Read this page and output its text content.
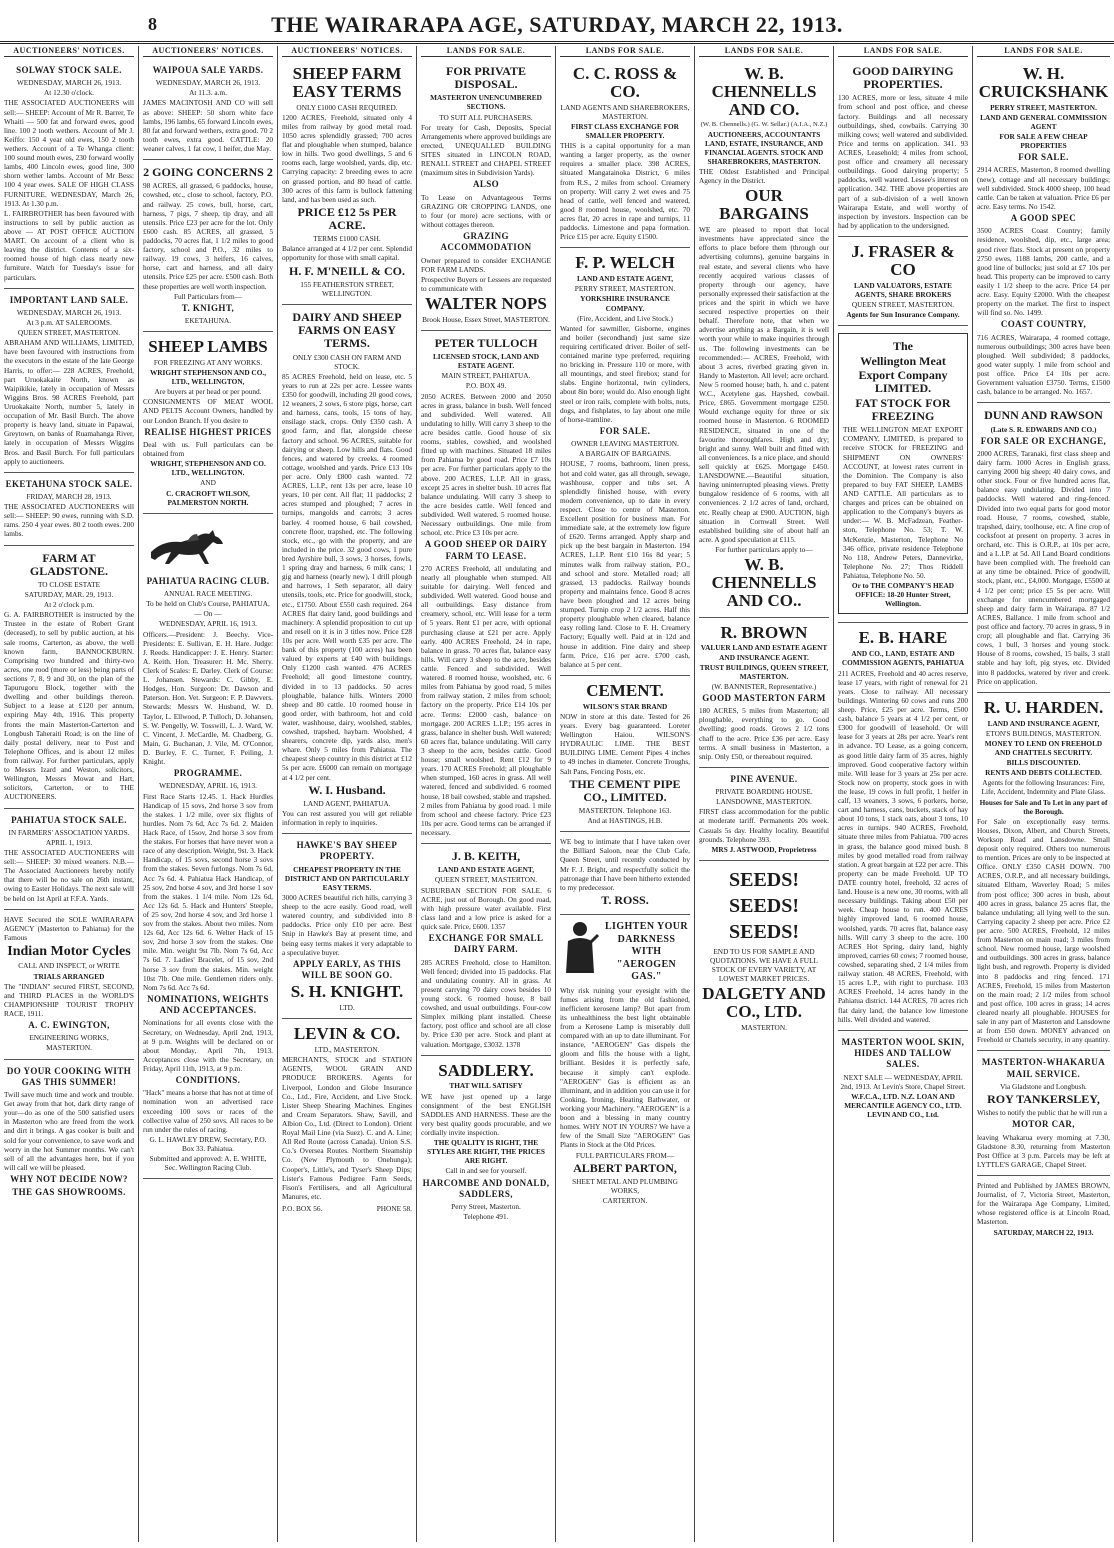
8	THE WAIRARAPA AGE, SATURDAY, MARCH 22, 1913.
AUCTIONEERS' NOTICES.
SOLWAY STOCK SALE.
WEDNESDAY, MARCH 26, 1913.
At 12.30 o'clock.
THE ASSOCIATED AUCTIONEERS will sell:— SHEEP: Account of Mr R. Barrer, Te Whaiti — 500 fat and forward ewes, good line. 100 2 tooth wethers. Account of Mr J. Keiffo: 150 4 year old ewes, 150 2 tooth wethers. Account of a Te Whanga client: 100 sound mouth ewes, 230 forward woolly lambs, 400 Lincoln ewes, good line, 300 shorn wether lambs. Account of Mr Bess: 100 4 year ewes. SALE OF HIGH CLASS FURNITURE. WEDNESDAY, March 26, 1913. At 1.30 p.m.
L. FAIRBROTHER has been favoured with instructions to sell by public auction as above — AT POST OFFICE AUCTION MART. On account of a client who is leaving the district. Contents of a six-roomed house of high class nearly new furniture. Watch for Tuesday's issue for particulars.
IMPORTANT LAND SALE.
WEDNESDAY, MARCH 26, 1913.
At 3 p.m. AT SALEROOMS.
QUEEN STREET, MASTERTON.
ABRAHAM AND WILLIAMS, LIMITED, have been favoured with instructions from the executors in the estate of the late George Harris, to offer:— 228 ACRES, Freehold, part Uruokakaite North, known as Waipikikie, lately in occupation of Messrs Wiggins Bros. 98 ACRES Freehold, part Uruokakaite North, number 5, lately in occupation of Mr. Basil Burch. The above property is heavy land, situate in Papawai, Greytown, on banks of Ruamahanga River, lately in occupation of Messrs Wiggins Bros. and Basil Burch. For full particulars apply to auctioneers.
EKETAHUNA STOCK SALE.
FRIDAY, MARCH 28, 1913.
THE ASSOCIATED AUCTIONEERS will sell:— SHEEP: 90 ewes, running with S.D. rams. 250 4 year ewes. 80 2 tooth ewes. 200 lambs.
FARM AT GLADSTONE.
TO CLOSE ESTATE
SATURDAY, MAR. 29, 1913.
At 2 o'clock p.m.
G. A. FAIRBROTHER is instructed by the Trustee in the estate of Robert Grant (deceased), to sell by public auction, at his sale rooms, Carterton, as above, the well known farm, BANNOCKBURN. Comprising two hundred and thirty-two acres, one rood (more or less) being parts of sections 7, 8, 9 and 30, on the plan of the Tapurugoru Block, together with the dwelling and other buildings thereon. Subject to a lease at £120 per annum, expiring May 4th, 1916. This property fronts the main Masterton-Carterton and Longbush Taheraiti Road; is on the line of daily postal delivery, near to Post and Telephone Offices, and is about 12 miles from railway. For further particulars, apply to Messrs Izard and Weston, solicitors, Wellington, Messrs Mowat and Hart, solicitors, Carterton, or to THE AUCTIONEERS.
PAHIATUA STOCK SALE.
IN FARMERS' ASSOCIATION YARDS.
APRIL 1, 1913.
THE ASSOCIATED AUCTIONEERS will sell:— SHEEP: 30 mixed weaners. N.B.— The Associated Auctioneers hereby notify that there will be no sale on 26th instant, owing to Easter Holidays. The next sale will be held on 1st April at F.F.A. Yards.
HAVE Secured the SOLE WAIRARAPA AGENCY (Masterton to Pahiatua) for the Famous
Indian Motor Cycles
CALL AND INSPECT, or WRITE
TRIALS ARRANGED
The "INDIAN" secured FIRST, SECOND, and THIRD PLACES in the WORLD'S CHAMPIONSHIP TOURIST TROPHY RACE, 1911.
A. C. EWINGTON,
ENGINEERING WORKS,
MASTERTON.
DO YOUR COOKING WITH GAS THIS SUMMER!
Twill save much time and work and trouble. Get away from that hot, dark dirty range of your—do as one of the 500 satisfied users in Masterton who are freed from the work and dirt it brings. A gas cooker is built and sold for your convenience, to save work and worry in the hot Summer months. We can't sell of all the advantages here, but if you will call we will be pleased.
WHY NOT DECIDE NOW?
THE GAS SHOWROOMS.
AUCTIONEERS' NOTICES.
WAIPOUA SALE YARDS.
WEDNESDAY, MARCH 26, 1913.
At 11.3. a.m.
JAMES MACINTOSH AND CO will sell as above: SHEEP: 50 shorn white face lambs, 196 lambs, 65 forward Lincoln ewes, 80 fat and forward wethers, extra good. 70 2 tooth ewes, extra good. CATTLE: 20 weaner calves, 1 fat cow, 1 heifer, due May.
2 GOING CONCERNS 2
98 ACRES, all grassed, 6 paddocks, house, cowshed, etc., close to school, factory, P.O. and railway. 25 cows, bull, horse, cart, harness, 7 pigs, 7 sheep, tip dray, and all utensils. Price £23 per acre for the lot. Only £600 cash. 85 ACRES, all grassed, 5 paddocks, 70 acres flat, 1 1/2 miles to good factory, school and P.O., 32 miles to railway. 19 cows, 3 heifers, 16 calves, horse, cart and harness, and all dairy utensils. Price £25 per acre. £500 cash. Both these properties are well worth inspection.
Full Particulars from—
T. KNIGHT,
EKETAHUNA.
SHEEP LAMBS
FOR FREEZING AT ANY WORKS.
WRIGHT STEPHENSON AND CO., LTD., WELLINGTON,
Are buyers at per head or per pound.
CONSIGNMENTS OF MEAT WOOL AND PELTS Account Owners, handled by our London Branch. If you desire to
REALISE HIGHEST PRICES
Deal with us. Full particulars can be obtained from
WRIGHT, STEPHENSON AND CO. LTD., WELLINGTON.
AND
C. CRACROFT WILSON, PALMERSTON NORTH.
PAHIATUA RACING CLUB.
ANNUAL RACE MEETING.
To be held on Club's Course, PAHIATUA,
— On —
WEDNESDAY, APRIL 16, 1913.
Officers.—President: J. Beechy. Vice-Presidents: E. Sullivan, E. H. Hare. Judge: J. Reeds. Handicapper: J. E. Henry. Starter: A. Keith. Hon. Treasurer: H. Mc. Sherry. Clerk of Scales: E. Darley. Clerk of Course: L. Johansen. Stewards: C. Gibby, E. Hodges, Hon. Surgeon: Dr. Dawson and Paterson. Hon. Vet. Surgeon: F. P. Dawvers. Stewards: Messrs W. Husband, W. D. Taylor, L. Ellwood, P. Tulloch, D. Johansen, S. W. Pengelly, W. Tosswill, L. J. Ward, W. C. Vincent, J. McCardle, M. Chadberg, G. Main, G. Buchanan, J. Vile, M. O'Connor, D. Burley, F. C. Turner, F. Peiling, J. Knight.
PROGRAMME.
WEDNESDAY, APRIL 16, 1913.
First Race Starts 12.45. 1. Hack Hurdles Handicap of 15 sovs, 2nd horse 3 sov from the stakes. 1 1/2 mile, over six flights of hurdles. Nom 7s 6d, Acc 7s 6d. 2. Maiden Hack Race, of 15sov, 2nd horse 3 sov from the stakes. For horses that have never won a race of any description. Weight, 9st. 3. Hack Handicap, of 15 sovs, second horse 3 sovs from the stakes. Seven furlongs. Nom 7s 6d, Acc 7s 6d. 4. Pahiatua Hack Handicap, of 25 sov, 2nd horse 4 sov, and 3rd horse 1 sov from the stakes. 1 1/4 mile. Nom 12s 6d, Acc 12s 6d. 5. Hack and Hunters' Steeple, of 25 sov, 2nd horse 4 sov, and 3rd horse 1 sov from the stakes. About two miles. Nom 12s 6d, Acc 12s 6d. 6. Welter Hack of 15 sov, 2nd horse 3 sov from the stakes. One mile. Min. weight 9st 7lb. Nom 7s 6d, Acc 7s 6d. 7. Ladies' Bracelet, of 15 sov, 2nd horse 3 sov from the stakes. Min. weight 10st 7lb. One mile. Gentlemen riders only. Nom 7s 6d. Acc 7s 6d.
NOMINATIONS, WEIGHTS AND ACCEPTANCES.
Nominations for all events close with the Secretary, on Wednesday, April 2nd, 1913, at 9 p.m. Weights will be declared on or about Monday, April 7th, 1913. Acceptances close with the Secretary, on Friday, April 11th, 1913, at 9 p.m.
CONDITIONS.
"Hack" means a horse that has not at time of nomination won an advertised race exceeding 100 sovs or races of the collective value of 250 sovs. All races to be run under the rules of racing.
G. L. HAWLEY DREW, Secretary, P.O. Box 33. Pahiatua.
Submitted and approved: A. E. WHITE, Sec. Wellington Racing Club.
AUCTIONEERS' NOTICES.
SHEEP FARM EASY TERMS
ONLY £1000 CASH REQUIRED.
1200 ACRES, Freehold, situated only 4 miles from railway by good metal road. 1050 acres splendidly grassed; 700 acres flat and ploughable when stumped, balance low in hills. Two good dwellings, 5 and 6 rooms each, large woolshed, yards, dip, etc. Carrying capacity: 2 breeding ewes to acre on grassed portion, and 80 head of cattle. 300 acres of this farm is bullock fattening land, and has been used as such.
PRICE £12 5s PER ACRE.
TERMS £1000 CASH.
Balance arranged at 4 1/2 per cent. Splendid opportunity for those with small capital.
H. F. M'NEILL & CO.
155 FEATHERSTON STREET, WELLINGTON.
DAIRY AND SHEEP FARMS ON EASY TERMS.
ONLY £300 CASH ON FARM AND STOCK.
85 ACRES Freehold, held on lease, etc. 5 years to run at 22s per acre. Lessee wants £350 for goodwill, including 20 good cows, 12 weaners, 2 sows, 6 store pigs, horse, cart and harness, cans, tools, 15 tons of hay, ensilage stack, crops. Only £350 cash. A good farm, and flat, alongside cheese factory and school. 96 ACRES, suitable for dairying or sheep. Low hills and flats. Good fences, and watered by creeks. 4 roomed cottage, woolshed and yards. Price £13 10s per acre. Only £800 cash wanted. 72 ACRES, L.I.P., rent 13s per acre, lease 10 years, 10 per cent. All flat; 11 paddocks; 2 acres stumped and ploughed; 7 acres in turnips, mangolds and carrots; 3 acres barley. 4 roomed house, 6 bail cowshed, concrete floor, trapshed, etc. The following stock, etc., go with the property, and are included in the price. 32 good cows, 1 pure bred Ayrshire bull, 3 sows, 3 horses, fowls, 1 spring dray and harness, 6 milk cans; 1 gig and harness (nearly new), 1 drill plough and harrows, 1 Seth separator, all dairy utensils, tools, etc. Price for goodwill, stock, etc., £1750. About £550 cash required. 264 ACRES flat dairy land, good buildings and machinery. A splendid proposition to cut up and resell on it is in 3 titles now. Price £28 10s per acre. Well worth £35 per acre. The bank of this property (100 acres) has been valued by experts at £40 with buildings. Only £1200 cash wanted. 476 ACRES Freehold; all good limestone country, divided in to 13 paddocks. 50 acres ploughable, balance hills. Winters 2000 sheep and 80 cattle. 10 roomed house in good order, with bathroom, hot and cold water, washhouse, dairy, woolshed, stables, cowshed, trapshed, haybarn. Woolshed, 4 shearers, concrete dip, yards also, men's whare. Only 5 miles from Pahiatua. The cheapest sheep country in this district at £12 5s per acre. £6000 can remain on mortgage at 4 1/2 per cent.
W. I. Husband.
LAND AGENT, PAHIATUA.
You can rest assured you will get reliable information in reply to inquiries.
HAWKE'S BAY SHEEP PROPERTY.
CHEAPEST PROPERTY IN THE DISTRICT AND ON PARTICULARLY EASY TERMS.
3000 ACRES beautiful rich hills, carrying 3 sheep to the acre easily. Good road, well watered country, and subdivided into 8 paddocks. Price only £10 per acre. Best Snip in Hawke's Bay at present time, and being easy terms makes it very adaptable to a speculative buyer.
APPLY EARLY, AS THIS WILL BE SOON GO.
S. H. KNIGHT.
LTD.
LEVIN & CO.
LTD., MASTERTON.
MERCHANTS, STOCK and STATION AGENTS, WOOL GRAIN AND PRODUCE BROKERS. Agents for Liverpool, London and Globe Insurance Co., Ltd., Fire, Accident, and Live Stock. Lister Sheep Shearing Machines. Engines and Cream Separators. Shaw, Savill, and Albion Co., Ltd. (Direct to London). Orient Royal Mail Line (via Suez). C. and A. Line; All Red Route (across Canada). Union S.S. Co.'s Oversea Routes. Northern Steamship Co. (New Plymouth to Onehunga); Cooper's, Little's, and Tyser's Sheep Dips; Lister's Famous Pedigree Farm Seeds, Fison's Fertilisers, and all Agricultural Manures, etc.
P.O. BOX 56.	PHONE 58.
LANDS FOR SALE.
FOR PRIVATE DISPOSAL.
MASTERTON UNENCUMBERED SECTIONS.
TO SUIT ALL PURCHASERS.
For treaty for Cash, Deposits, Special Arrangements where approved buildings are erected, UNEQUALLED BUILDING SITES situated in LINCOLN ROAD, RENALL STREET and CHAPEL STREET (maximum sites in Subdivision Yards).
ALSO
To Lease on Advantageous Terms GRAZING OR CROPPING LANDS, one to four (or more) acre sections, with or without cottages thereon.
GRAZING ACCOMMODATION
Owner prepared to consider EXCHANGE FOR FARM LANDS.
Prospective Buyers or Lessees are requested to communicate with
WALTER NOPS
Brook House, Essex Street, MASTERTON.
PETER TULLOCH
LICENSED STOCK, LAND AND ESTATE AGENT.
MAIN STREET, PAHIATUA.
P.O. BOX 49.
2050 ACRES. Between 2000 and 2050 acres in grass, balance in bush. Well fenced and subdivided. Well watered. All undulating to hilly. Will carry 3 sheep to the acre besides cattle. Good house of six rooms, stables, cowshed, and woolshed fitted up with machines. Situated 18 miles from Pahiatua by good road. Price £7 10s per acre. For further particulars apply to the above. 200 ACRES, L.I.P. All in grass, except 25 acres in shelter bush. 10 acres flat balance undulating. Will carry 3 sheep to the acre besides cattle. Well fenced and subdivided. Well watered. 5 roomed house. Necessary outbuildings. One mile from school, etc. Price £3 10s per acre.
A GOOD SHEEP OR DAIRY FARM TO LEASE.
270 ACRES Freehold, all undulating and nearly all ploughable when stumped. All suitable for dairying. Well fenced and subdivided. Well watered. Good house and all outbuildings. Easy distance from creamery, school, etc. Will lease for a term of 5 years. Rent £1 per acre, with optional purchasing clause at £21 per acre. Apply early. 400 ACRES Freehold, 24 in rape, balance in grass. 70 acres flat, balance easy hills. Will carry 3 sheep to the acre, besides cattle. Fenced and subdivided. Well watered. 8 roomed house, woolshed, etc. 6 miles from Pahiatua by good road, 5 miles from railway station, 2 miles from school; factory on the property. Price £14 10s per acre. Terms: £2000 cash, balance on mortgage. 200 ACRES L.I.P.; 195 acres in grass, balance in shelter bush. Well watered; 60 acres flat, balance undulating. Will carry 3 sheep to the acre, besides cattle. Good house; small woolshed. Rent £12 for 9 years. 170 ACRES Freehold; all ploughable when stumped, 160 acres in grass. All well watered, fenced and subdivided. 6 roomed house, 18 bail cowshed, stable and trapshed. 2 miles from Pahiatua by good road. 1 mile from school and cheese factory. Price £23 10s per acre. Good terms can be arranged if necessary.
J. B. KEITH,
LAND AND ESTATE AGENT,
QUEEN STREET, MASTERTON.
SUBURBAN SECTION FOR SALE. 6 ACRE, just out of Borough. On good road, with high pressure water available. First class land and a low price is asked for a quick sale. Price, £600. 1357
EXCHANGE FOR SMALL DAIRY FARM.
285 ACRES Freehold, close to Hamilton. Well fenced; divided into 15 paddocks. Flat and undulating country. All in grass. At present carrying 70 dairy cows besides 10 young stock. 6 roomed house, 8 bail cowshed, and usual outbuildings. Four-cow Simplex milking plant installed. Cheese factory, post office and school are all close by. Price £30 per acre. Stock and plant at valuation. Mortgage, £3032. 1378
SADDLERY.
THAT WILL SATISFY
WE have just opened up a large consignment of the best ENGLISH SADDLES AND HARNESS. These are the very best quality goods procurable, and we cordially invite inspection.
THE QUALITY IS RIGHT, THE STYLES ARE RIGHT, THE PRICES ARE RIGHT.
Call in and see for yourself.
HARCOMBE AND DONALD, SADDLERS,
Perry Street, Masterton.
Telephone 491.
LANDS FOR SALE.
C. C. ROSS & CO.
LAND AGENTS AND SHAREBROKERS, MASTERTON.
FIRST CLASS EXCHANGE FOR SMALLER PROPERTY.
THIS is a capital opportunity for a man wanting a larger property, as the owner requires a smaller place. 398 ACRES, situated Mangatainoka District, 6 miles from R.S., 2 miles from school. Creamery on property. Will carry 2 wet ewes and 75 head of cattle, well fenced and watered, good 8 roomed house, woolshed, etc. 70 acres flat, 20 acres in rape and turnips, 11 paddocks. Limestone and papa formation. Price £15 per acre. Equity £1500.
F. P. WELCH
LAND AND ESTATE AGENT,
PERRY STREET, MASTERTON.
YORKSHIRE INSURANCE COMPANY.
(Fire, Accident, and Live Stock.)
Wanted for sawmiller, Gisborne, engines and boiler (secondhand) just same size requiring certificated driver. Boiler of self-contained marine type preferred, requiring no bricking in. Pressure 110 or more, with all mountings, and steel firebox; stand for slabs. Engine horizontal, twin cylinders, about 8in bore; would do. Also enough light steel or iron rails, complete with bolts, nuts, dogs, and fishplates, to lay about one mile of horse-tramline.
FOR SALE.
OWNER LEAVING MASTERTON.
A BARGAIN OF BARGAINS.
HOUSE, 7 rooms, bathroom, linen press, hot and cold water, gas all through, sewage, washhouse, copper and tubs set. A splendidly finished house, with every modern convenience, up to date in every respect. Close to centre of Masterton. Excellent position for business man. For immediate sale, at the extremely low figure of £620. Terms arranged. Apply sharp and pick up the best bargain in Masterton. 194 ACRES, L.I.P. Rent £10 16s 8d year; 5 minutes walk from railway station, P.O., and school and store. Metalled road; all grassed, 13 paddocks. Railway bounds property and maintains fence. Good 8 acres have been ploughed and 12 acres being stumped. Turnip crop 2 1/2 acres. Half this property ploughable when cleared, balance easy rolling land. Close to F. H. Creamery Factory; Equally well. Paid at in 12d and house in addition. Fine dairy and sheep farm. Price, £16 per acre. £700 cash, balance at 5 per cent.
CEMENT.
WILSON'S STAR BRAND
NOW in store at this date. Tested for 26 years. Every bag guaranteed. Loreter Wellington Haiou. WILSON'S HYDRAULIC LIME. THE BEST BUILDING LIME. Cement Pipes 4 inches to 49 inches in diameter. Concrete Troughs, Salt Pans, Fencing Posts, etc.
THE CEMENT PIPE CO., LIMITED.
MASTERTON. Telephone 163.
And at HASTINGS, H.B.
WE beg to intimate that I have taken over the Billiard Saloon, near the Club Cafe, Queen Street, until recently conducted by Mr F. J. Bright, and respectfully solicit the patronage that I have been hitherto extended to my predecessor.
T. ROSS.
LIGHTEN YOUR DARKNESS WITH "AEROGEN GAS."
Why risk ruining your eyesight with the fumes arising from the old fashioned, inefficient kerosene lamp? But apart from its unhealthiness the best light obtainable from a Kerosene Lamp is miserably dull compared with an up to date illuminant. For instance, "AEROGEN" Gas dispels the gloom and fills the house with a light, brilliant. Besides it is perfectly safe, because it simply can't explode. "AEROGEN" Gas is efficient as an illuminant, and in addition you can use it for Cooking, Ironing, Heating Bathwater, or working your Machinery. "AEROGEN" is a boon and a blessing in many country homes. WHY NOT IN YOURS? We have a few of the Small Size "AEROGEN" Gas Plants in Stock at the Old Prices.
FULL PARTICULARS FROM—
ALBERT PARTON,
SHEET METAL AND PLUMBING WORKS,
CARTERTON.
LANDS FOR SALE.
W. B. CHENNELLS AND CO.
(W. B. Chennells.) (G. W. Sellar.) (A.I.A., N.Z.)
AUCTIONEERS, ACCOUNTANTS LAND, ESTATE, INSURANCE, AND FINANCIAL AGENTS. STOCK AND SHAREBROKERS, MASTERTON.
THE Oldest Established and Principal Agency in the District.
OUR BARGAINS
WE are pleased to report that local investments have appreciated since the efforts to place before them (through our advertising columns), genuine bargains in real estate, and several clients who have recently acquired various classes of property through our agency, have personally expressed their satisfaction at the prices and the spirit in which we have secured respective properties on their behalf. Therefore note, that when we advertise anything as a Bargain, it is well worth your while to make inquiries through us. The following investments can be recommended:— ACRES, Freehold, with about 3 acres, riverbed grazing given in. Handy to Masterton. All level; acre orchard. New 5 roomed house; bath, h. and c. patent W.C., Acetylene gas. Hayshed, cowbail. Price, £865. Government mortgage £250. Would exchange equity for three or six roomed house in Masterton. 6 ROOMED RESIDENCE, situated in one of the favourite thoroughfares. High and dry; bright and sunny. Well built and fitted with all conveniences. Is a nice place, and should sell quickly at £625. Mortgage £450. LANSDOWNE.—Beautiful situation, having uninterrupted pleasing views. Pretty bungalow residence of 6 rooms, with all conveniences. 2 1/2 acres of land, orchard, etc. Really cheap at £900. AUCTION, high situation in Cornwall Street. Well established building site of about half an acre. A good speculation at £115.
For further particulars apply to—
W. B. CHENNELLS AND CO..
R. BROWN
VALUER LAND AND ESTATE AGENT AND INSURANCE AGENT.
TRUST BUILDINGS, QUEEN STREET, MASTERTON.
(W. BANNISTER, Representative.)
GOOD MASTERTON FARM
180 ACRES, 5 miles from Masterton; all ploughable, everything to go. Good dwelling; good roads. Grows 2 1/2 tons chaff to the acre. Price £36 per acre. Easy terms. A small business in Masterton, a snip. Only £50, or thereabout required.
PINE AVENUE.
PRIVATE BOARDING HOUSE.
LANSDOWNE, MASTERTON.
FIRST class accommodation for the public at moderate tariff. Permanents 20s week. Casuals 5s day. Healthy locality. Beautiful grounds. Telephone 393.
MRS J. ASTWOOD, Proprietress
SEEDS! SEEDS! SEEDS!
END TO US FOR SAMPLE AND QUOTATIONS. WE HAVE A FULL STOCK OF EVERY VARIETY, AT LOWEST MARKET PRICES.
DALGETY AND CO., LTD.
MASTERTON.
LANDS FOR SALE.
GOOD DAIRYING PROPERTIES.
130 ACRES, more or less, situate 4 mile from school and post office, and cheese factory. Buildings and all necessary outbuildings, shed, cowbails. Carrying 30 milking cows; well watered and subdivided. Price and terms on application. 341. 93 ACRES, Leasehold; 4 miles from school, post office and creamery all necessary outbuildings. Good dairying property; 5 paddocks, well watered. Lessee's interest on application. 342. THE above properties are part of a sub-division of a well known Wairarapa Estate, and well worthy of inspection by investors. Inspection can be had by application to the undersigned.
J. FRASER & CO
LAND VALUATORS, ESTATE AGENTS, SHARE BROKERS
QUEEN STREET, MASTERTON.
Agents for Sun Insurance Company.
The
Wellington Meat Export Company LIMITED.
FAT STOCK FOR FREEZING
THE WELLINGTON MEAT EXPORT COMPANY, LIMITED, is prepared to receive STOCK for FREEZING and SHIPMENT ON OWNERS' ACCOUNT, at lowest rates current in the Dominion. The Company is also prepared to buy FAT SHEEP, LAMBS AND CATTLE. All particulars as to charges and prices can be obtained on application to the Company's buyers as under:— W. B. McFadzean, Feather- ston, Telephone No. 53; T. W. McKenzie, Masterton, Telephone No 346 office, private residence Telephone No 118, Andrew Peters, Dannevirke, Telephone No. 27; Thos Riddell Pahiatua, Telephone No. 50.
Or to THE COMPANY'S HEAD OFFICE: 18-20 Hunter Street, Wellington.
E. B. HARE
AND CO., LAND, ESTATE AND COMMISSION AGENTS, PAHIATUA
211 ACRES, Freehold and 40 acres reserve, lease 17 years, with right of renewal for 21 years. Close to railway. All necessary buildings. Wintering 60 cows and runs 200 sheep. Price, £25 per acre. Terms, £500 cash, balance 5 years at 4 1/2 per cent, or £300 for goodwill of leasehold. Or will lease for 3 years at 28s per acre. Year's rent in advance. TO Lease, as a going concern, as good little dairy farm of 35 acres, highly improved. Good cooperative factory within mile. Will lease for 3 years at 25s per acre. Stock now on property, stock goes in with the lease, 19 cows in full profit, 1 heifer in calf, 13 weaners, 3 sows, 6 porkers, horse, cart and harness, cans, buckets, stack of hay about 10 tons, 1 stack oats, about 3 tons, 10 acres in turnips. 940 ACRES, Freehold, situate three miles from Pahiatua. 700 acres in grass, the balance good mixed bush. 8 miles by good metalled road from railway station. A great bargain at £22 per acre. This property can be made Freehold. UP TO DATE country hotel, freehold, 32 acres of land. House is a new one, 30 rooms, with all necessary buildings. Taking about £50 per week. Cheap house to run. 400 ACRES highly improved land, 6 roomed house, woolshed, yards. 70 acres flat, balance easy hills. Will carry 3 sheep to the acre. 100 ACRES Hot Spring, dairy land, highly improved, carries 60 cows; 7 roomed house, cowshed, separating shed, 2 1/4 miles from railway station. 48 ACRES, Freehold, with 15 acres L.P., with right to purchase. 103 ACRES Freehold, 14 acres handy in the Pahiatua district. 144 ACRES, 70 acres rich flat dairy land, the balance low limestone hills. Well divided and watered.
MASTERTON WOOL SKIN, HIDES AND TALLOW SALES.
NEXT SALE — WEDNESDAY, APRIL 2nd, 1913. At Levin's Store, Chapel Street.
W.F.C.A., LTD. N.Z. LOAN AND MERCANTILE AGENCY CO., LTD. LEVIN AND CO., Ltd.
LANDS FOR SALE.
W. H. CRUICKSHANK
PERRY STREET, MASTERTON.
LAND AND GENERAL COMMISSION AGENT
FOR SALE A FEW CHEAP PROPERTIES
FOR SALE.
2914 ACRES, Masterton, 8 roomed dwelling (new), cottage and all necessary buildings; well subdivided. Stock 4000 sheep, 100 head cattle. Can be taken at valuation. Price £6 per acre. Easy terms. No 1542.
A GOOD SPEC
3500 ACRES Coast Country; family residence, woolshed, dip, etc., large area; good river flats. Stock at present on property 2750 ewes, 1188 lambs, 200 cattle, and a good line of bullocks; just sold at £7 10s per head. This property can be improved to carry easily 1 1/2 sheep to the acre. Price £4 per acre. Easy. Equity £2000. With the cheapest property on the market. The first to inspect will find so. No. 1499.
COAST COUNTRY,
716 ACRES, Wairarapa, 4 roomed cottage, numerous outbuildings; 300 acres have been ploughed. Well subdivided; 8 paddocks, good water supply. 1 mile from school and post office. Price £4 10s per acre. Government valuation £3750. Terms, £1500 cash, balance to be arranged. No. 1657.
DUNN AND RAWSON
(Late S. R. EDWARDS AND CO.)
FOR SALE OR EXCHANGE,
2000 ACRES, Taranaki, first class sheep and dairy farm. 1000 Acres in English grass, carrying 2000 big sheep; 40 dairy cows, and other stock. Four or five hundred acres flat, balance easy undulating. Divided into 7 paddocks. Well watered and ring-fenced. Divided into two equal parts for good motor road. House, 7 rooms, cowshed, stable, trapshed, dairy, toolhouse, etc. A fine crop of cocksfoot at present on property. 3 acres in orchard, etc. This is O.R.P., at 10s per acre, and a L.I.P. at 5d. All Land Board conditions have been complied with. The freehold can at any time be obtained. Price of goodwill, stock, plant, etc., £4,000. Mortgage, £5500 at 4 1/2 per cent; price £5 5s per acre. Will exchange for unencumbered mortgaged sheep and dairy farm in Wairarapa. 87 1/2 ACRES, Ballance. 1 mile from school and post office and factory. 70 acres in grass, 9 in crop; all ploughable and flat. Carrying 36 cows, 1 bull, 3 horses and young stock. House of 8 rooms, cowshed, 15 bails, 3 stall stable and hay loft, pig styes, etc. Divided into 8 paddocks, watered by river and creek. Price on application.
R. U. HARDEN.
LAND AND INSURANCE AGENT,
ETON'S BUILDINGS, MASTERTON.
MONEY TO LEND ON FREEHOLD AND CHATTELS SECURITY.
BILLS DISCOUNTED.
RENTS AND DEBTS COLLECTED.
Agents for the following Insurances: Fire, Life, Accident, Indemnity and Plate Glass.
Houses for Sale and To Let in any part of the Borough.
For Sale on exceptionally easy terms. Houses, Dixon, Albert, and Church Streets, Worksop Road and Lansdowne. Small deposit only required. Others too numerous to mention. Prices are only to be inspected at Office. ONLY £350 CASH DOWN. 700 ACRES, O.R.P., and all necessary buildings, situated Eltham, Waverley Road; 5 miles from post office; 300 acres in bush, about 400 acres in grass, balance 25 acres flat, the balance undulating; all lying well to the sun. Carrying capacity 2 sheep per acre. Price £2 per acre. 500 ACRES, Freehold, 12 miles from Masterton on main road; 3 miles from school. New roomed house, large woolshed and outbuildings. 300 acres in grass, balance light bush, and regrowth. Property is divided into 8 paddocks and ring fenced. 171 ACRES, Freehold, 15 miles from Masterton on the main road; 2 1/2 miles from school and post office. 100 acres in grass; 14 acres cleared nearly all ploughable. HOUSES for sale in any part of Masterton and Lansdowne at from £50 down. MONEY advanced on Freehold or Chattels security, in any quantity.
MASTERTON-WHAKARUA MAIL SERVICE.
Via Gladstone and Longbush.
ROY TANKERSLEY,
Wishes to notify the public that he will run a
MOTOR CAR,
leaving Whakarua every morning at 7.30, Gladstone 8.30, returning from Masterton Post Office at 3 p.m. Parcels may be left at LYTTLE'S GARAGE, Chapel Street.
Printed and Published by JAMES BROWN, Journalist, of 7, Victoria Street, Masterton, for the Wairarapa Age Company, Limited, whose registered office is at Lincoln Road, Masterton.
SATURDAY, MARCH 22, 1913.
